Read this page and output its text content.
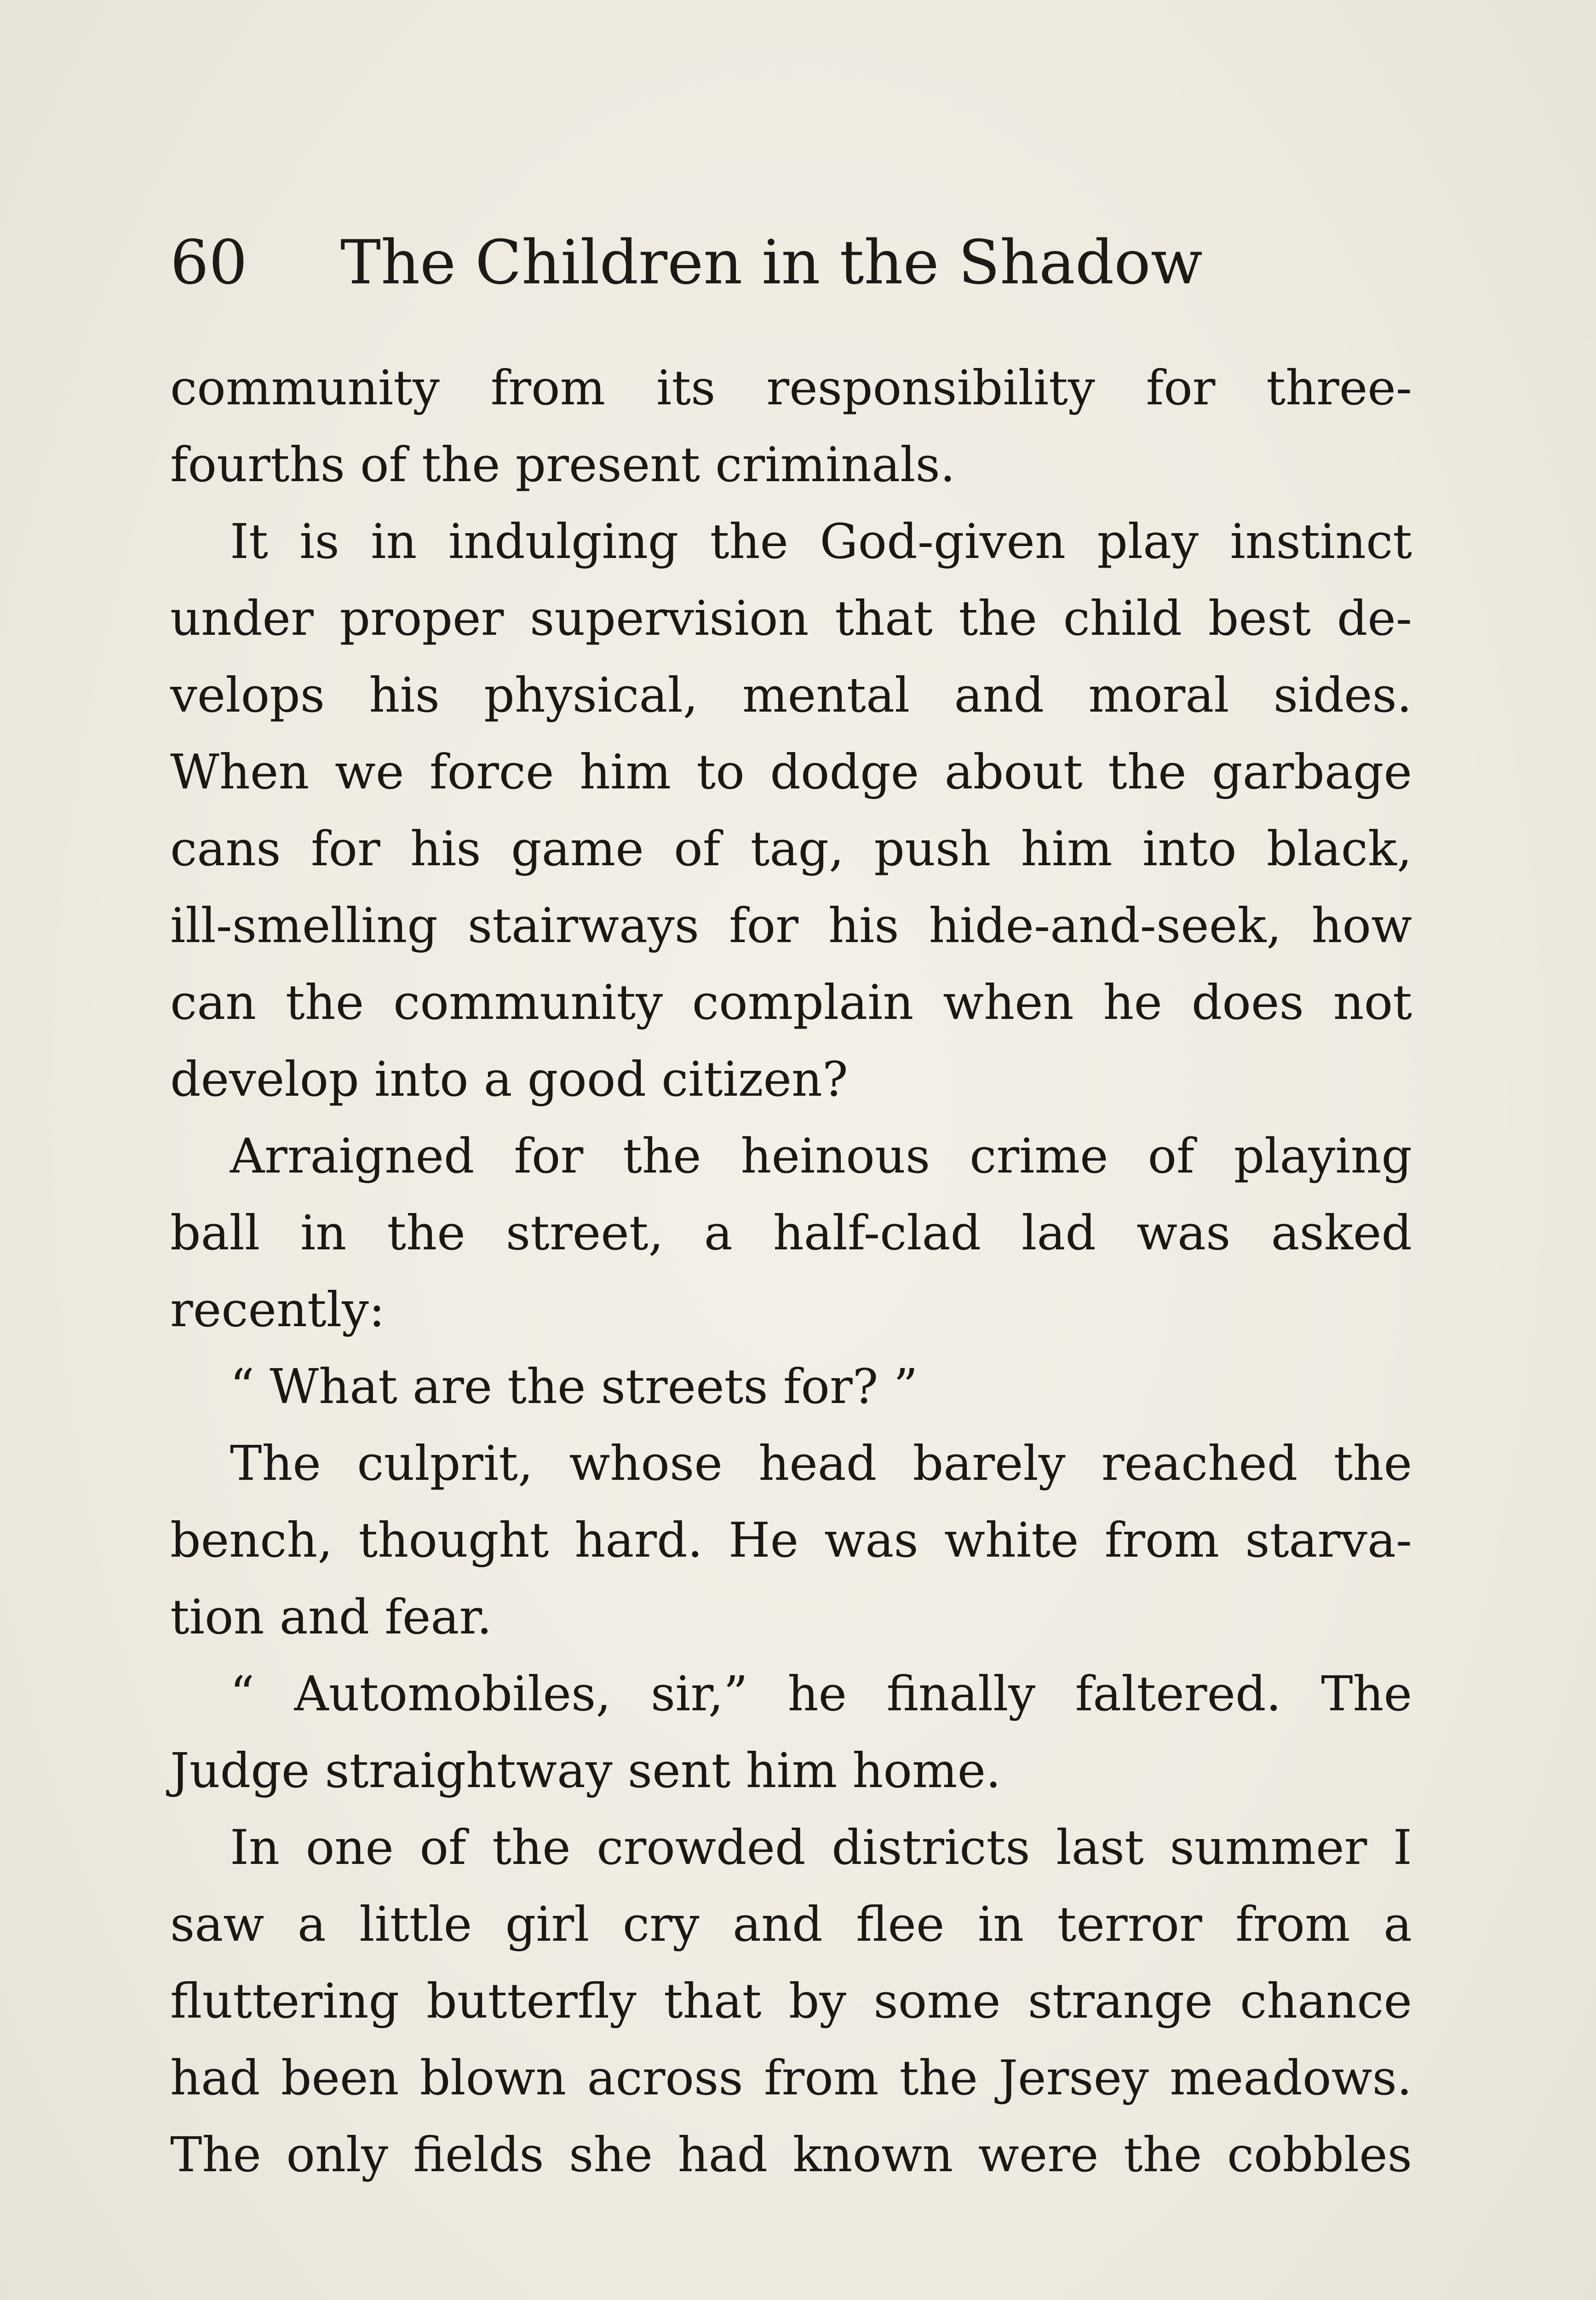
60 The Children in the Shadow
community from its responsibility for three-
fourths of the present criminals.
It is in indulging the God-given play instinct
under proper supervision that the child best de-
velops his physical, mental and moral sides.
When we force him to dodge about the garbage
cans for his game of tag, push him into black,
ill-smelling stairways for his hide-and-seek, how
can the community complain when he does not
develop into a good citizen?
Arraigned for the heinous crime of playing
ball in the street, a half-clad lad was asked
recently:
“ What are the streets for? ”
The culprit, whose head barely reached the
bench, thought hard. He was white from starva-
tion and fear.
“ Automobiles, sir,” he finally faltered. The
Judge straightway sent him home.
In one of the crowded districts last summer I
saw a little girl cry and flee in terror from a
fluttering butterfly that by some strange chance
had been blown across from the Jersey meadows.
The only fields she had known were the cobbles
